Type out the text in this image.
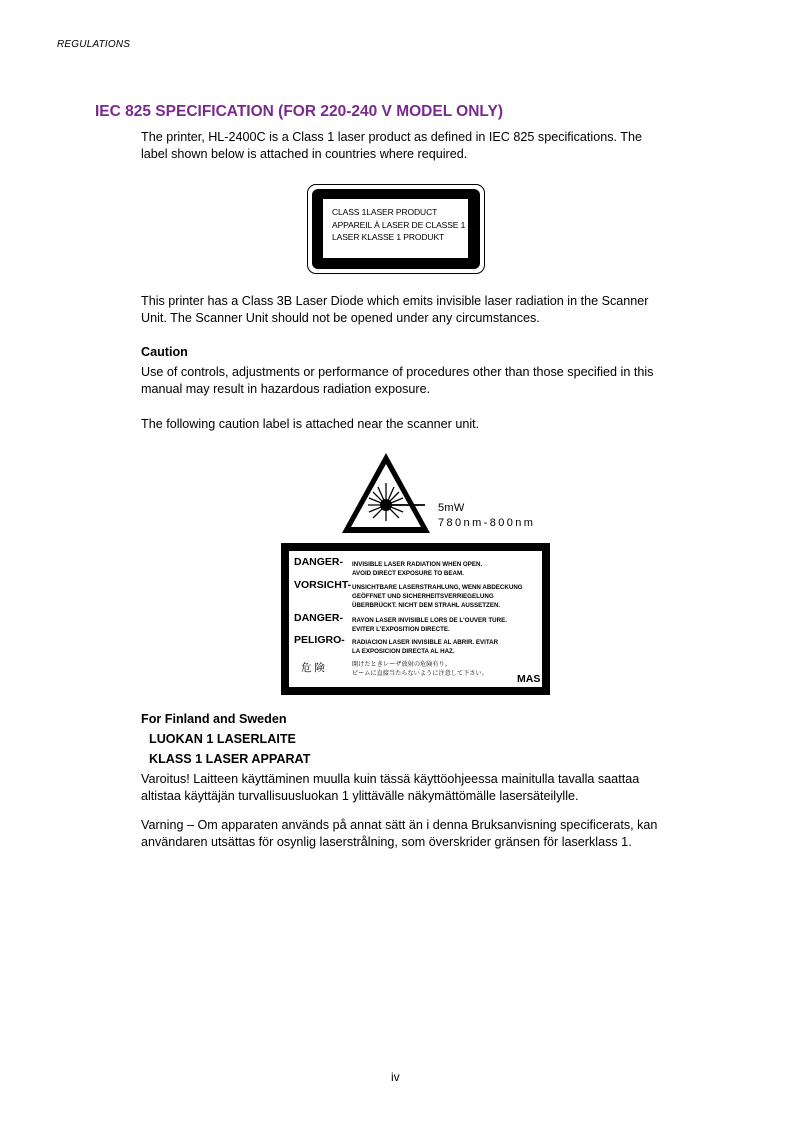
REGULATIONS
IEC 825 SPECIFICATION (FOR 220-240 V MODEL ONLY)
The printer, HL-2400C is a Class 1 laser product as defined in IEC 825 specifications. The
label shown below is attached in countries where required.
CLASS 1LASER PRODUCT
APPAREIL À LASER DE CLASSE 1
LASER KLASSE 1 PRODUKT
This printer has a Class 3B Laser Diode which emits invisible laser radiation in the Scanner
Unit. The Scanner Unit should not be opened under any circumstances.
Caution
Use of controls, adjustments or performance of procedures other than those specified in this
manual may result in hazardous radiation exposure.
The following caution label is attached near the scanner unit.
5mW
780nm-800nm
DANGER- INVISIBLE LASER RADIATION WHEN OPEN.
AVOID DIRECT EXPOSURE TO BEAM.
VORSICHT- UNSICHTBARE LASERSTRAHLUNG, WENN ABDECKUNG
GEÖFFNET UND SICHERHEITSVERRIEGELUNG
ÜBERBRÜCKT. NICHT DEM STRAHL AUSSETZEN.
DANGER- RAYON LASER INVISIBLE LORS DE L'OUVER TURE.
EVITER L'EXPOSITION DIRECTE.
PELIGRO- RADIACION LASER INVISIBLE AL ABRIR. EVITAR
LA EXPOSICION DIRECTA AL HAZ.
危 険	開けたときレーザ放射の危険有り。
ビームに直接当たらないように注意して下さい。	MAS
For Finland and Sweden
LUOKAN 1 LASERLAITE
KLASS 1 LASER APPARAT
Varoitus! Laitteen käyttäminen muulla kuin tässä käyttöohjeessa mainitulla tavalla saattaa
altistaa käyttäjän turvallisuusluokan 1 ylittävälle näkymättömälle lasersäteilylle.
Varning – Om apparaten används på annat sätt än i denna Bruksanvisning specificerats, kan
användaren utsättas för osynlig laserstrålning, som överskrider gränsen för laserklass 1.
iv
